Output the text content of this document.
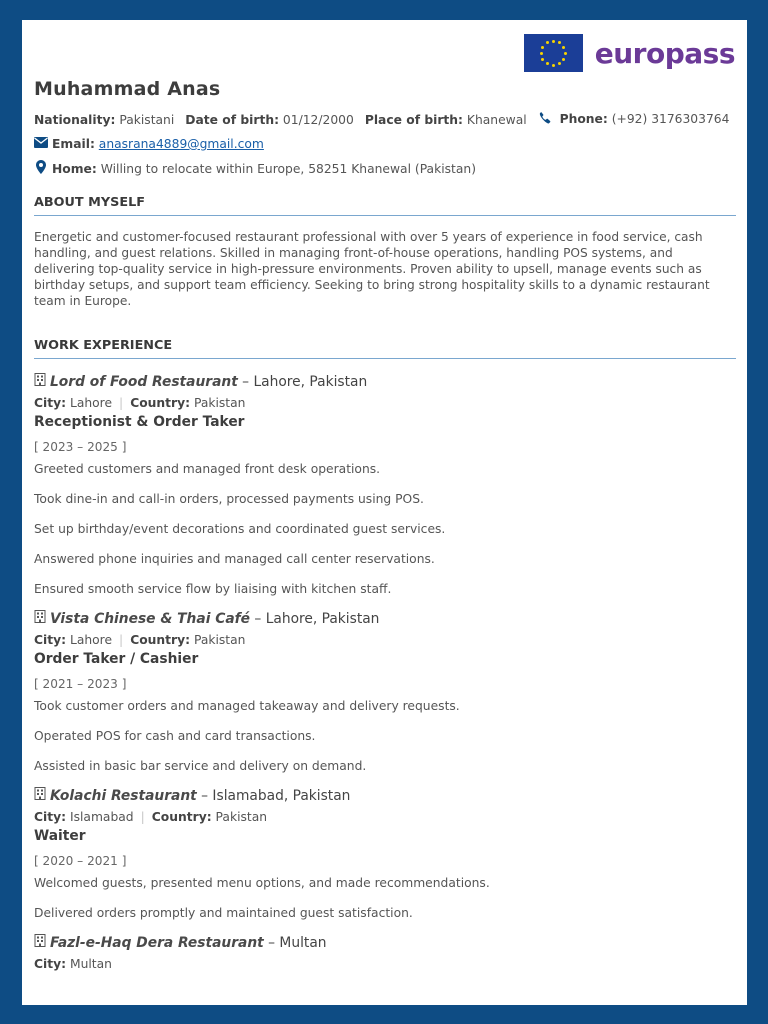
europass
Muhammad Anas
Nationality: Pakistani Date of birth: 01/12/2000 Place of birth: Khanewal	Phone: (+92) 3176303764
Email:
anasrana4889@gmail.com
Home:
Willing to relocate within Europe, 58251 Khanewal (Pakistan)
ABOUT MYSELF
Energetic and customer-focused restaurant professional with over 5 years of experience in food service, cash handling, and guest relations. Skilled in managing front-of-house operations, handling POS systems, and delivering top-quality service in high-pressure environments. Proven ability to upsell, manage events such as birthday setups, and support team efficiency. Seeking to bring strong hospitality skills to a dynamic restaurant team in Europe.
WORK EXPERIENCE
Lord of Food Restaurant – Lahore, Pakistan
City: Lahore | Country: Pakistan
Receptionist & Order Taker
[ 2023 – 2025 ]
Greeted customers and managed front desk operations.
Took dine-in and call-in orders, processed payments using POS.
Set up birthday/event decorations and coordinated guest services.
Answered phone inquiries and managed call center reservations.
Ensured smooth service flow by liaising with kitchen staff.
Vista Chinese & Thai Café – Lahore, Pakistan
City: Lahore | Country: Pakistan
Order Taker / Cashier
[ 2021 – 2023 ]
Took customer orders and managed takeaway and delivery requests.
Operated POS for cash and card transactions.
Assisted in basic bar service and delivery on demand.
Kolachi Restaurant – Islamabad, Pakistan
City: Islamabad | Country: Pakistan
Waiter
[ 2020 – 2021 ]
Welcomed guests, presented menu options, and made recommendations.
Delivered orders promptly and maintained guest satisfaction.
Fazl-e-Haq Dera Restaurant – Multan
City: Multan
